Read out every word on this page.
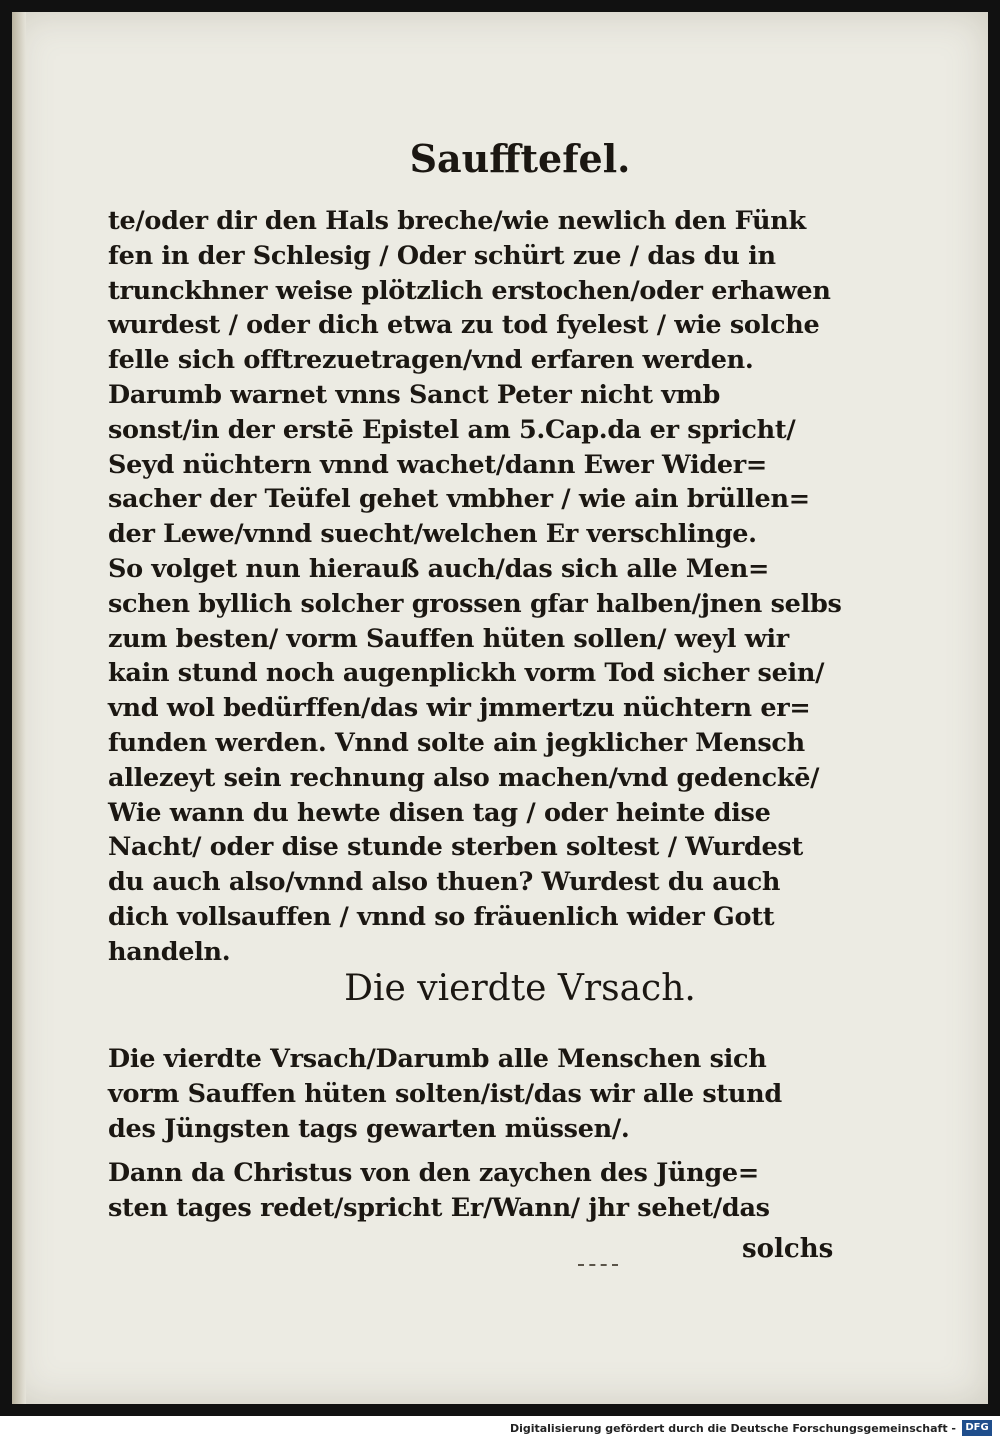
Saufftefel.

te/oder dir den Hals breche/wie newlich den Fünk
fen in der Schlesig / Oder schürt zue / das du in
trunckhner weise plötzlich erstochen/oder erhawen
wurdest / oder dich etwa zu tod fyelest / wie solche
felle sich offtrezuetragen/vnd erfaren werden.

Darumb warnet vnns Sanct Peter nicht vmb
sonst/in der erstē Epistel am 5.Cap.da er spricht/
Seyd nüchtern vnnd wachet/dann Ewer Wider=
sacher der Teüfel gehet vmbher / wie ain brüllen=
der Lewe/vnnd suecht/welchen Er verschlinge.

So volget nun hierauß auch/das sich alle Men=
schen byllich solcher grossen gfar halben/jnen selbs
zum besten/ vorm Sauffen hüten sollen/ weyl wir
kain stund noch augenplickh vorm Tod sicher sein/
vnd wol bedürffen/das wir jmmertzu nüchtern er=
funden werden. Vnnd solte ain jegklicher Mensch
allezeyt sein rechnung also machen/vnd gedenckē/
Wie wann du hewte disen tag / oder heinte dise
Nacht/ oder dise stunde sterben soltest / Wurdest
du auch also/vnnd also thuen? Wurdest du auch
dich vollsauffen / vnnd so fräuenlich wider Gott
handeln.

Die vierdte Vrsach.

Die vierdte Vrsach/Darumb alle Menschen sich
vorm Sauffen hüten solten/ist/das wir alle stund
des Jüngsten tags gewarten müssen/.

Dann da Christus von den zaychen des Jünge=
sten tages redet/spricht Er/Wann/ jhr sehet/das

solchs

Digitalisierung gefördert durch die Deutsche Forschungsgemeinschaft - DFG
